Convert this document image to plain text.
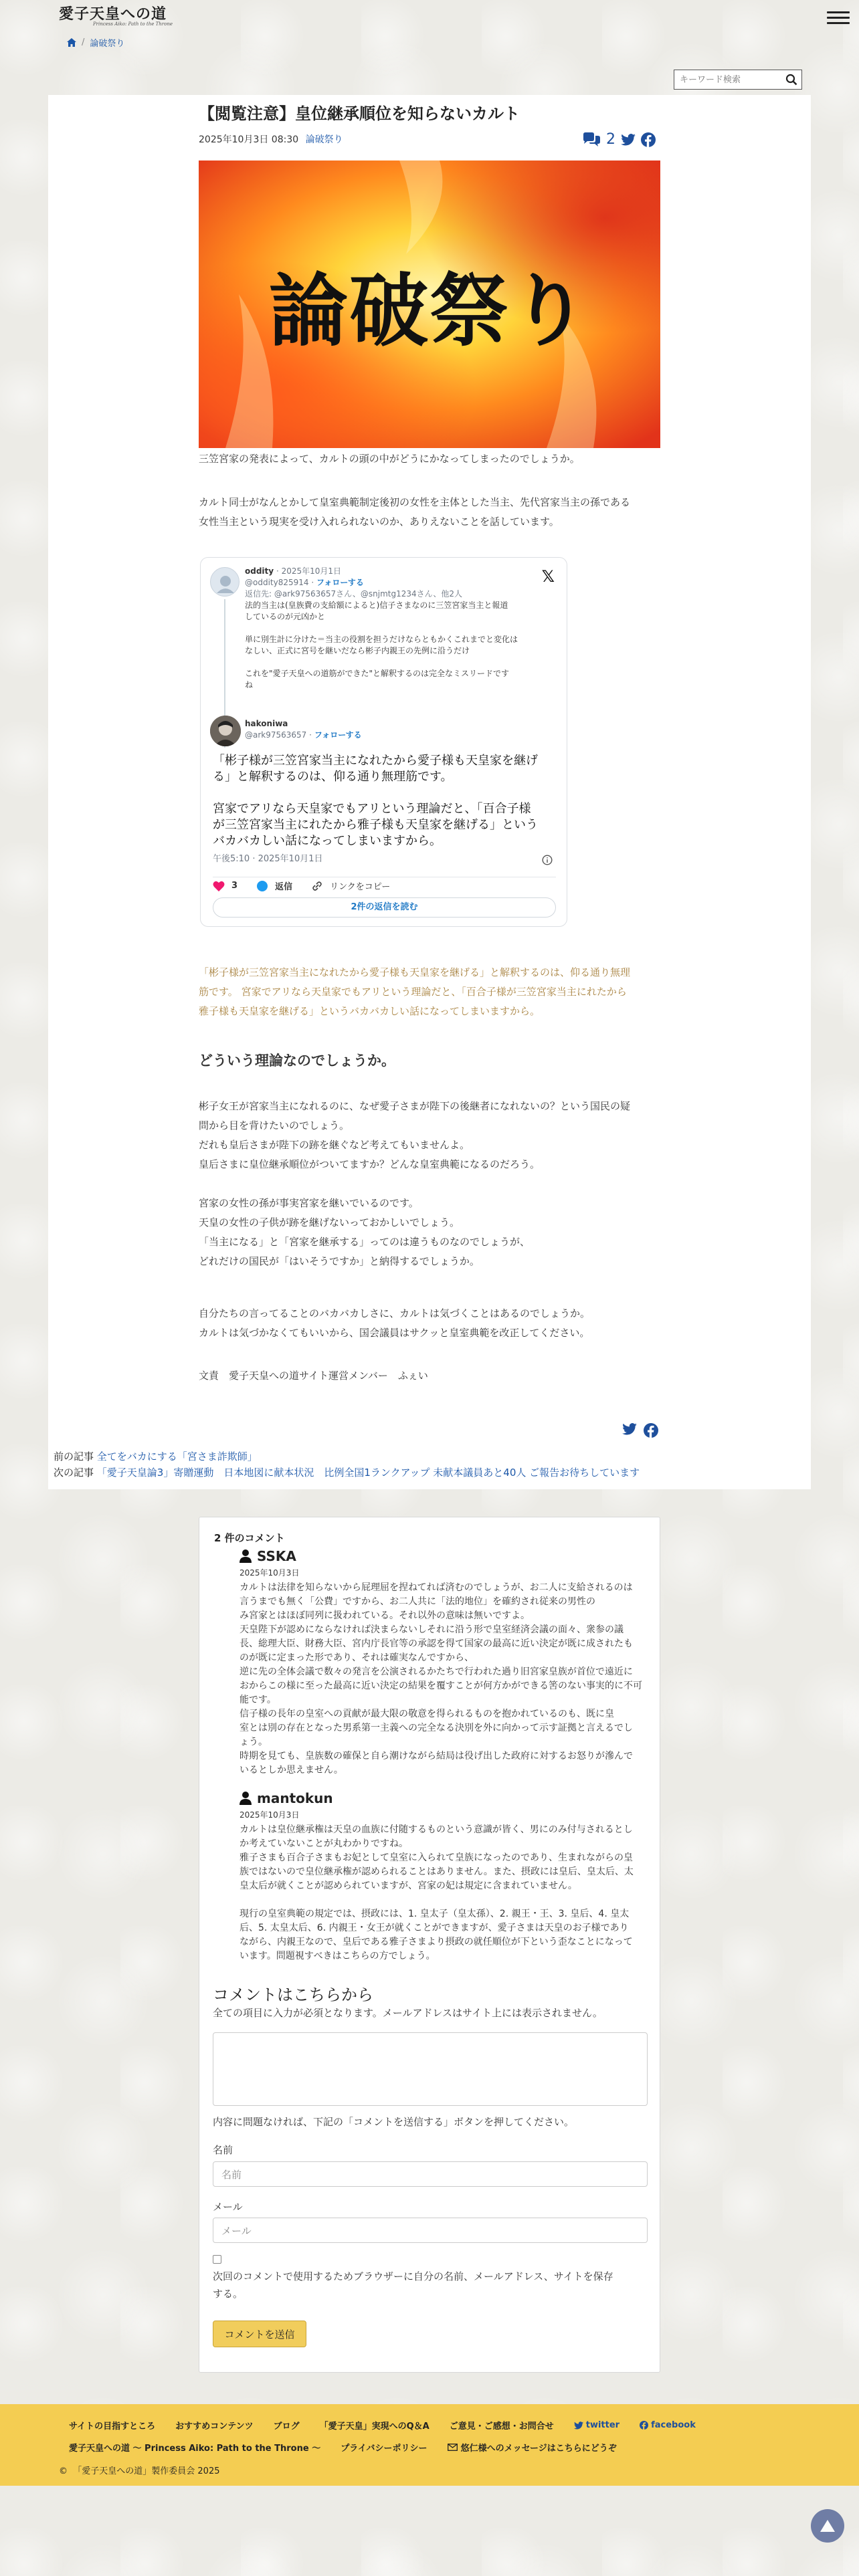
愛子天皇への道
Princess Aiko: Path to the Throne
/ 論破祭り
キーワード検索
【閲覧注意】皇位継承順位を知らないカルト
2025年10月3日 08:30 論破祭り	2
論破祭り

三笠宮家の発表によって、カルトの頭の中がどうにかなってしまったのでしょうか。

カルト同士がなんとかして皇室典範制定後初の女性を主体とした当主、先代宮家当主の孫である
女性当主という現実を受け入れられないのか、ありえないことを話しています。
𝕏
oddity · 2025年10月1日
@oddity825914 · フォローする
返信先: @ark97563657さん、@snjmtg1234さん、他2人
法的当主は(皇族費の支給額によると)信子さまなのに三笠宮家当主と報道
しているのが元凶かと
単に別生計に分けた＝当主の役割を担うだけならともかくこれまでと変化は
なしい、正式に宮号を継いだなら彬子内親王の先例に沿うだけ
これを"愛子天皇への道筋ができた"と解釈するのは完全なミスリードです
ね
hakoniwa
@ark97563657 · フォローする
「彬子様が三笠宮家当主になれたから愛子様も天皇家を継げ
る」と解釈するのは、仰る通り無理筋です。
宮家でアリなら天皇家でもアリという理論だと、「百合子様
が三笠宮家当主にれたから雅子様も天皇家を継げる」という
バカバカしい話になってしまいますから。
午後5:10 · 2025年10月1日
3	返信	リンクをコピー
2件の返信を読む
「彬子様が三笠宮家当主になれたから愛子様も天皇家を継げる」と解釈するのは、仰る通り無理
筋です。 宮家でアリなら天皇家でもアリという理論だと、「百合子様が三笠宮家当主にれたから
雅子様も天皇家を継げる」というバカバカしい話になってしまいますから。
どういう理論なのでしょうか。
彬子女王が宮家当主になれるのに、なぜ愛子さまが陛下の後継者になれないの？という国民の疑
問から目を背けたいのでしょう。
だれも皇后さまが陛下の跡を継ぐなど考えてもいませんよ。
皇后さまに皇位継承順位がついてますか？どんな皇室典範になるのだろう。
宮家の女性の孫が事実宮家を継いでいるのです。
天皇の女性の子供が跡を継げないっておかしいでしょう。
「当主になる」と「宮家を継承する」ってのは違うものなのでしょうが、
どれだけの国民が「はいそうですか」と納得するでしょうか。
自分たちの言ってることのバカバカしさに、カルトは気づくことはあるのでしょうか。
カルトは気づかなくてもいいから、国会議員はサクッと皇室典範を改正してください。

文責　愛子天皇への道サイト運営メンバー　ふぇい

前の記事 全てをバカにする「宮さま詐欺師」
次の記事 「愛子天皇論3」寄贈運動　日本地図に献本状況　比例全国1ランクアップ 未献本議員あと40人 ご報告お待ちしています
2 件のコメント
SSKA
2025年10月3日
カルトは法律を知らないから屁理屈を捏ねてれば済むのでしょうが、お二人に支給されるのは
言うまでも無く「公費」ですから、お二人共に「法的地位」を確約され従来の男性の
み宮家とはほぼ同列に扱われている。それ以外の意味は無いですよ。
天皇陛下が認めにならなければ決まらないしそれに沿う形で皇室経済会議の面々、衆参の議
長、総理大臣、財務大臣、宮内庁長官等の承認を得て国家の最高に近い決定が既に成されたも
のが既に定まった形であり、それは確実なんですから、
逆に先の全体会議で数々の発言を公演されるかたちで行われた過り旧宮家皇族が首位で遠近に
おからこの様に至った最高に近い決定の結果を覆すことが何方かができる筈のない事実的に不可能です。
信子様の長年の皇室への貢献が最大限の敬意を得られるものを抱かれているのも、既に皇
室とは別の存在となった男系第一主義への完全なる決別を外に向かって示す証拠と言えるでし
ょう。
時期を見ても、皇族数の確保と自ら潮けながら結局は役げ出した政府に対するお怒りが滲んで
いるとしか思えません。
mantokun
2025年10月3日
カルトは皇位継承権は天皇の血族に付随するものという意識が皆く、男にのみ付与されるとし
か考えていないことが丸わかりですね。
雅子さまも百合子さまもお妃として皇室に入られて皇族になったのであり、生まれながらの皇
族ではないので皇位継承権が認められることはありません。また、摂政には皇后、皇太后、太
皇太后が就くことが認められていますが、宮家の妃は規定に含まれていません。
現行の皇室典範の規定では、摂政には、1. 皇太子（皇太孫）、2. 親王・王、3. 皇后、4. 皇太
后、5. 太皇太后、6. 内親王・女王が就くことができますが、愛子さまは天皇のお子様であり
ながら、内親王なので、皇后である雅子さまより摂政の就任順位が下という歪なことになって
います。問題視すべきはこちらの方でしょう。
コメントはこちらから
全ての項目に入力が必須となります。メールアドレスはサイト上には表示されません。
内容に問題なければ、下記の「コメントを送信する」ボタンを押してください。
名前
名前
メール
メール
次回のコメントで使用するためブラウザーに自分の名前、メールアドレス、サイトを保存
する。
コメントを送信
サイトの目指すところ おすすめコンテンツ ブログ 「愛子天皇」実現へのQ＆A ご意見・ご感想・お問合せ	twitter	facebook
愛子天皇への道 〜 Princess Aiko: Path to the Throne 〜 プライバシーポリシー	悠仁様へのメッセージはこちらにどうぞ
©  「愛子天皇への道」製作委員会 2025
